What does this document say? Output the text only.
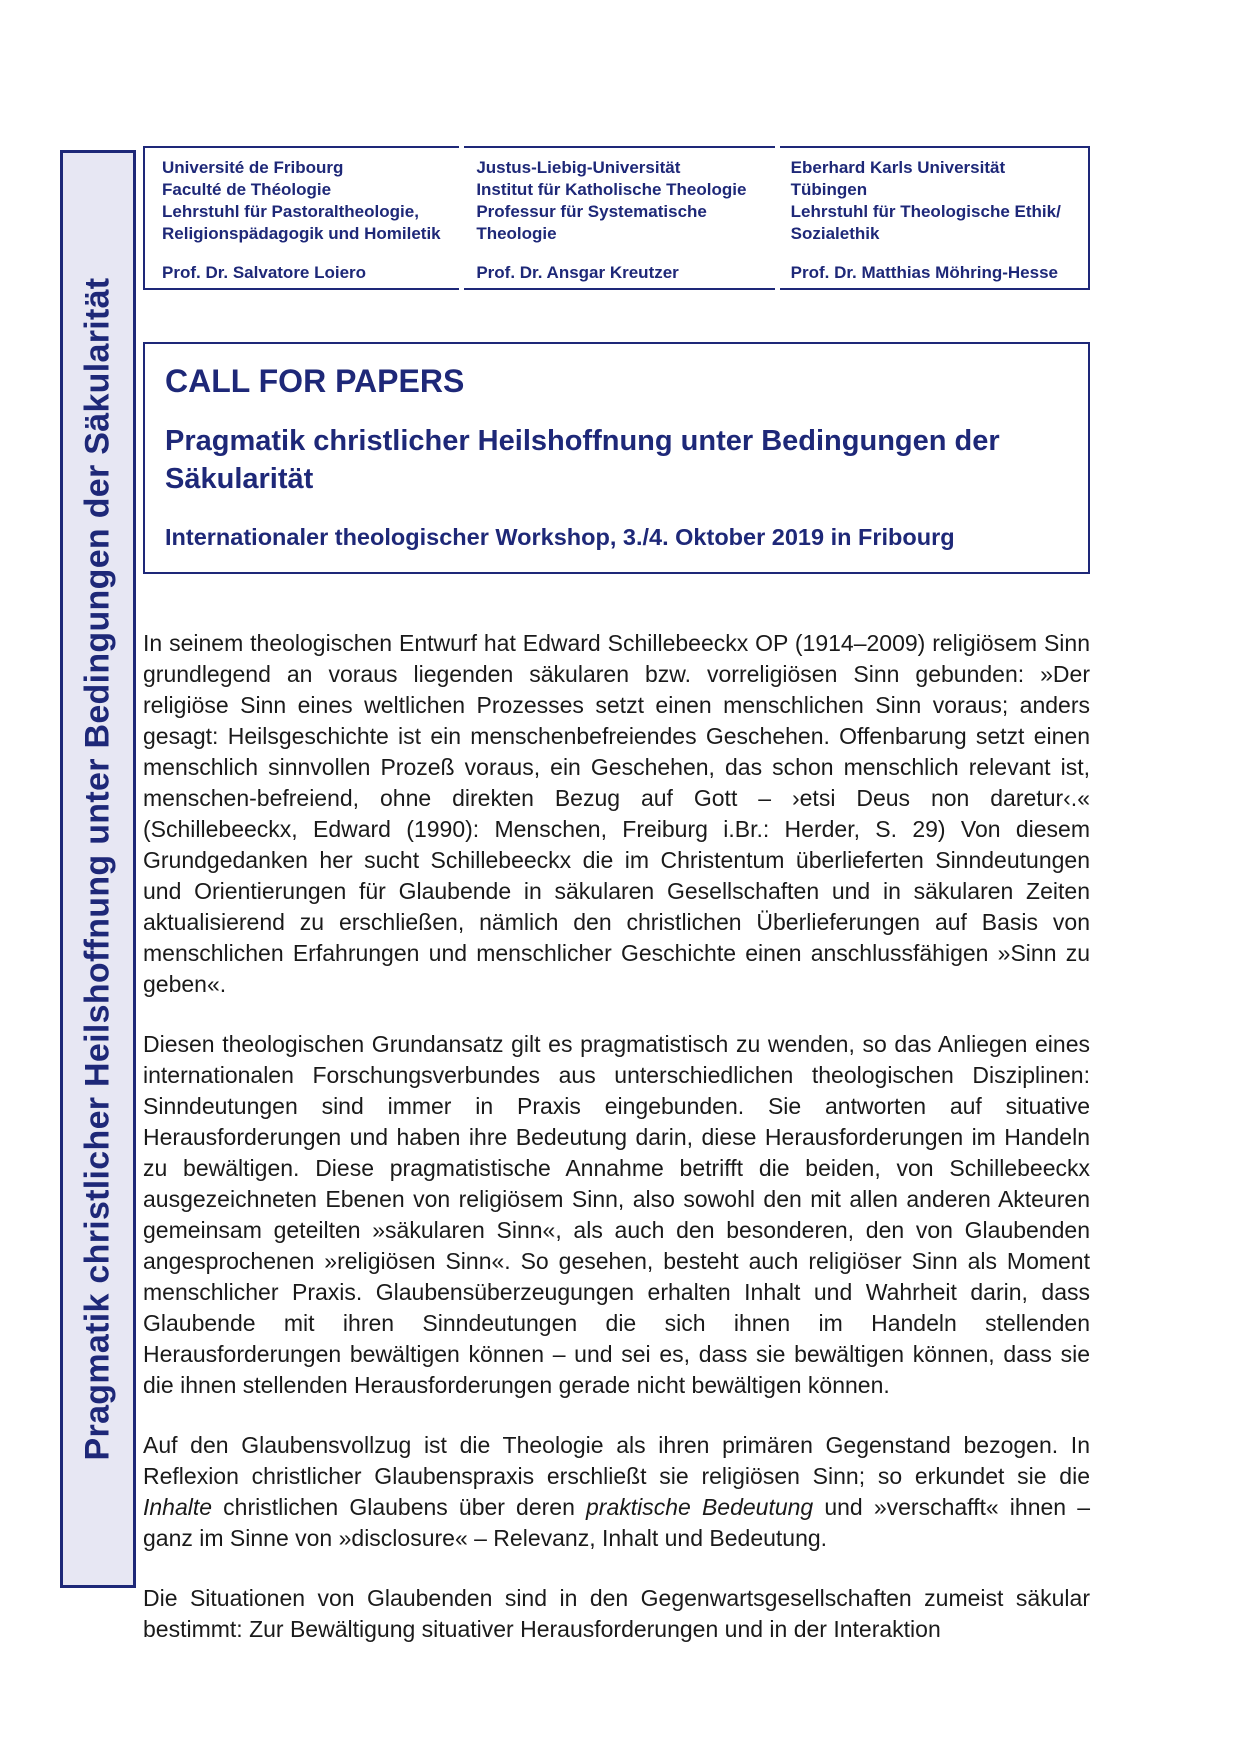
Pragmatik christlicher Heilshoffnung unter Bedingungen der Säkularität
Université de Fribourg
Faculté de Théologie
Lehrstuhl für Pastoraltheologie,
Religionspädagogik und Homiletik
Prof. Dr. Salvatore Loiero
Justus-Liebig-Universität
Institut für Katholische Theologie
Professur für Systematische
Theologie
Prof. Dr. Ansgar Kreutzer
Eberhard Karls Universität
Tübingen
Lehrstuhl für Theologische Ethik/
Sozialethik
Prof. Dr. Matthias Möhring-Hesse
CALL FOR PAPERS
Pragmatik christlicher Heilshoffnung unter Bedingungen der Säkularität
Internationaler theologischer Workshop, 3./4. Oktober 2019 in Fribourg

In seinem theologischen Entwurf hat Edward Schillebeeckx OP (1914–2009) religiösem Sinn grundlegend an voraus liegenden säkularen bzw. vorreligiösen Sinn gebunden: »Der religiöse Sinn eines weltlichen Prozesses setzt einen menschlichen Sinn voraus; anders gesagt: Heilsgeschichte ist ein menschenbefreiendes Geschehen. Offenbarung setzt einen menschlich sinnvollen Prozeß voraus, ein Geschehen, das schon menschlich relevant ist, menschen-befreiend, ohne direkten Bezug auf Gott – ›etsi Deus non daretur‹.« (Schillebeeckx, Edward (1990): Menschen, Freiburg i.Br.: Herder, S. 29) Von diesem Grundgedanken her sucht Schillebeeckx die im Christentum überlieferten Sinndeutungen und Orientierungen für Glaubende in säkularen Gesellschaften und in säkularen Zeiten aktualisierend zu erschließen, nämlich den christlichen Überlieferungen auf Basis von menschlichen Erfahrungen und menschlicher Geschichte einen anschlussfähigen »Sinn zu geben«.

Diesen theologischen Grundansatz gilt es pragmatistisch zu wenden, so das Anliegen eines internationalen Forschungsverbundes aus unterschiedlichen theologischen Disziplinen: Sinndeutungen sind immer in Praxis eingebunden. Sie antworten auf situative Herausforderungen und haben ihre Bedeutung darin, diese Herausforderungen im Handeln zu bewältigen. Diese pragmatistische Annahme betrifft die beiden, von Schillebeeckx ausgezeichneten Ebenen von religiösem Sinn, also sowohl den mit allen anderen Akteuren gemeinsam geteilten »säkularen Sinn«, als auch den besonderen, den von Glaubenden angesprochenen »religiösen Sinn«. So gesehen, besteht auch religiöser Sinn als Moment menschlicher Praxis. Glaubensüberzeugungen erhalten Inhalt und Wahrheit darin, dass Glaubende mit ihren Sinndeutungen die sich ihnen im Handeln stellenden Herausforderungen bewältigen können – und sei es, dass sie bewältigen können, dass sie die ihnen stellenden Herausforderungen gerade nicht bewältigen können.

Auf den Glaubensvollzug ist die Theologie als ihren primären Gegenstand bezogen. In Reflexion christlicher Glaubenspraxis erschließt sie religiösen Sinn; so erkundet sie die Inhalte christlichen Glaubens über deren praktische Bedeutung und »verschafft« ihnen – ganz im Sinne von »disclosure« – Relevanz, Inhalt und Bedeutung.

Die Situationen von Glaubenden sind in den Gegenwartsgesellschaften zumeist säkular bestimmt: Zur Bewältigung situativer Herausforderungen und in der Interaktion
